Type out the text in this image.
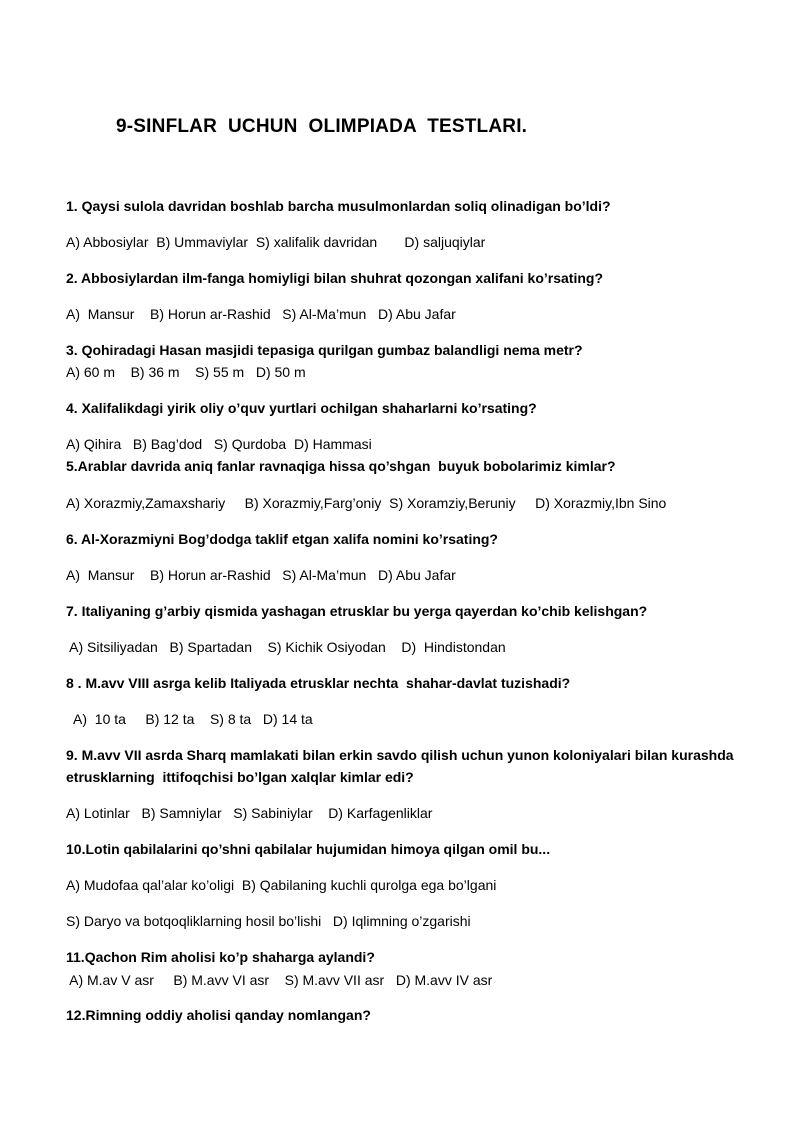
9-SINFLAR  UCHUN  OLIMPIADA  TESTLARI.
1. Qaysi sulola davridan boshlab barcha musulmonlardan soliq olinadigan bo’ldi?
A) Abbosiylar  B) Ummaviylar  S) xalifalik davridan       D) saljuqiylar
2. Abbosiylardan ilm-fanga homiyligi bilan shuhrat qozongan xalifani ko’rsating?
A)  Mansur    B) Horun ar-Rashid   S) Al-Ma’mun   D) Abu Jafar
3. Qohiradagi Hasan masjidi tepasiga qurilgan gumbaz balandligi nema metr?
A) 60 m    B) 36 m    S) 55 m   D) 50 m
4. Xalifalikdagi yirik oliy o’quv yurtlari ochilgan shaharlarni ko’rsating?
A) Qihira   B) Bag’dod   S) Qurdoba  D) Hammasi
5.Arablar davrida aniq fanlar ravnaqiga hissa qo’shgan  buyuk bobolarimiz kimlar?
A) Xorazmiy,Zamaxshariy     B) Xorazmiy,Farg’oniy  S) Xoramziy,Beruniy     D) Xorazmiy,Ibn Sino
6. Al-Xorazmiyni Bog’dodga taklif etgan xalifa nomini ko’rsating?
A)  Mansur    B) Horun ar-Rashid   S) Al-Ma’mun   D) Abu Jafar
7. Italiyaning g’arbiy qismida yashagan etrusklar bu yerga qayerdan ko’chib kelishgan?
A) Sitsiliyadan   B) Spartadan    S) Kichik Osiyodan    D)  Hindistondan
8 . M.avv VIII asrga kelib Italiyada etrusklar nechta  shahar-davlat tuzishadi?
A)  10 ta     B) 12 ta    S) 8 ta   D) 14 ta
9. M.avv VII asrda Sharq mamlakati bilan erkin savdo qilish uchun yunon koloniyalari bilan kurashda
etrusklarning  ittifoqchisi bo’lgan xalqlar kimlar edi?
A) Lotinlar   B) Samniylar   S) Sabiniylar    D) Karfagenliklar
10.Lotin qabilalarini qo’shni qabilalar hujumidan himoya qilgan omil bu...
A) Mudofaa qal’alar ko’oligi  B) Qabilaning kuchli qurolga ega bo’lgani
S) Daryo va botqoqliklarning hosil bo’lishi   D) Iqlimning o’zgarishi
11.Qachon Rim aholisi ko’p shaharga aylandi?
A) M.av V asr     B) M.avv VI asr    S) M.avv VII asr   D) M.avv IV asr
12.Rimning oddiy aholisi qanday nomlangan?
